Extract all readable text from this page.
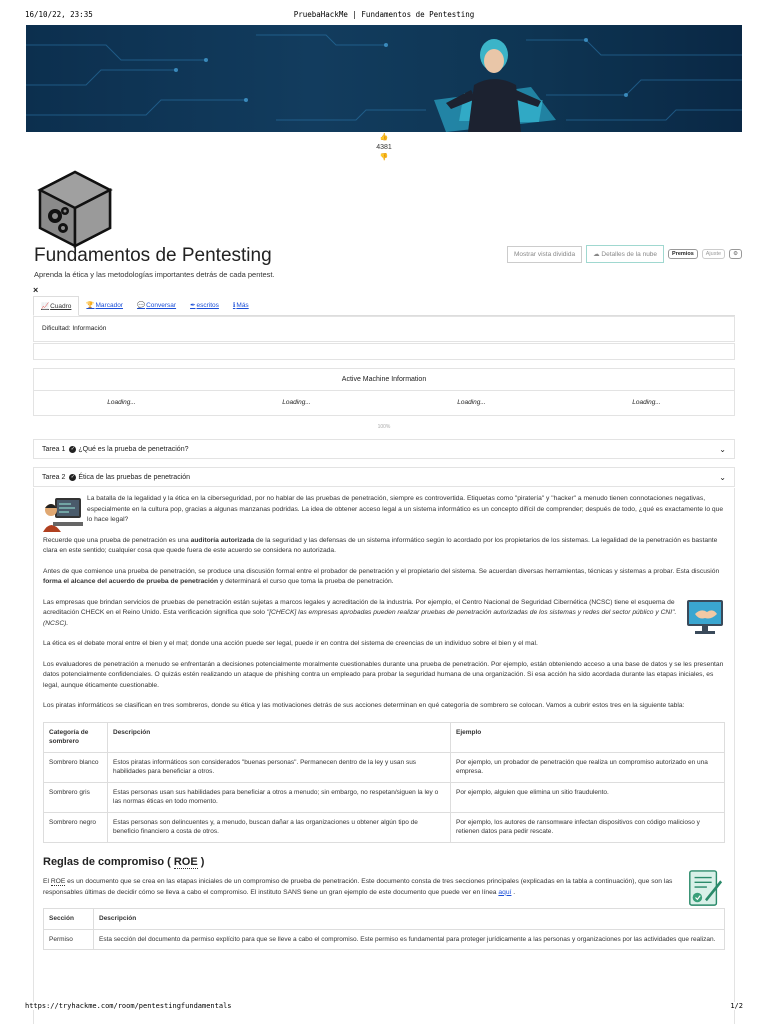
16/10/22, 23:35	PruebaHackMe | Fundamentos de Pentesting
👍
4381
👎
Fundamentos de Pentesting
Aprenda la ética y las metodologías importantes detrás de cada pentest.
Mostrar vista dividida	☁ Detalles de la nube	Premios	Ajuste	⚙
×
📈Cuadro	🏆Marcador	💬Conversar	✒escritos	ℹMás
Dificultad: Información
Active Machine Information
Loading...	Loading...	Loading...	Loading...
100%
Tarea 1 ✓ ¿Qué es la prueba de penetración?	⌄
Tarea 2 ✓ Ética de las pruebas de penetración	⌄

La batalla de la legalidad y la ética en la ciberseguridad, por no hablar de las pruebas de penetración, siempre es controvertida. Etiquetas como "piratería" y "hacker" a menudo tienen connotaciones negativas, especialmente en la cultura pop, gracias a algunas manzanas podridas. La idea de obtener acceso legal a un sistema informático es un concepto difícil de comprender; después de todo, ¿qué es exactamente lo que lo hace legal?

Recuerde que una prueba de penetración es una auditoría autorizada de la seguridad y las defensas de un sistema informático según lo acordado por los propietarios de los sistemas. La legalidad de la penetración es bastante clara en este sentido; cualquier cosa que quede fuera de este acuerdo se considera no autorizada.

Antes de que comience una prueba de penetración, se produce una discusión formal entre el probador de penetración y el propietario del sistema. Se acuerdan diversas herramientas, técnicas y sistemas a probar. Esta discusión forma el alcance del acuerdo de prueba de penetración y determinará el curso que toma la prueba de penetración.

Las empresas que brindan servicios de pruebas de penetración están sujetas a marcos legales y acreditación de la industria. Por ejemplo, el Centro Nacional de Seguridad Cibernética (NCSC) tiene el esquema de acreditación CHECK en el Reino Unido. Esta verificación significa que solo "[CHECK] las empresas aprobadas pueden realizar pruebas de penetración autorizadas de los sistemas y redes del sector público y CNI". (NCSC).

La ética es el debate moral entre el bien y el mal; donde una acción puede ser legal, puede ir en contra del sistema de creencias de un individuo sobre el bien y el mal.

Los evaluadores de penetración a menudo se enfrentarán a decisiones potencialmente moralmente cuestionables durante una prueba de penetración. Por ejemplo, están obteniendo acceso a una base de datos y se les presentan datos potencialmente confidenciales. O quizás estén realizando un ataque de phishing contra un empleado para probar la seguridad humana de una organización. Si esa acción ha sido acordada durante las etapas iniciales, es legal, aunque éticamente cuestionable.

Los piratas informáticos se clasifican en tres sombreros, donde su ética y las motivaciones detrás de sus acciones determinan en qué categoría de sombrero se colocan. Vamos a cubrir estos tres en la siguiente tabla:

Categoría de sombrero	Descripción	Ejemplo
Sombrero blanco	Estos piratas informáticos son considerados "buenas personas". Permanecen dentro de la ley y usan sus habilidades para beneficiar a otros.	Por ejemplo, un probador de penetración que realiza un compromiso autorizado en una empresa.
Sombrero gris	Estas personas usan sus habilidades para beneficiar a otros a menudo; sin embargo, no respetan/siguen la ley o las normas éticas en todo momento.	Por ejemplo, alguien que elimina un sitio fraudulento.
Sombrero negro	Estas personas son delincuentes y, a menudo, buscan dañar a las organizaciones u obtener algún tipo de beneficio financiero a costa de otros.	Por ejemplo, los autores de ransomware infectan dispositivos con código malicioso y retienen datos para pedir rescate.
Reglas de compromiso ( ROE )

El ROE es un documento que se crea en las etapas iniciales de un compromiso de prueba de penetración. Este documento consta de tres secciones principales (explicadas en la tabla a continuación), que son las responsables últimas de decidir cómo se lleva a cabo el compromiso. El instituto SANS tiene un gran ejemplo de este documento que puede ver en línea aquí .

Sección	Descripción
Permiso	Esta sección del documento da permiso explícito para que se lleve a cabo el compromiso. Este permiso es fundamental para proteger jurídicamente a las personas y organizaciones por las actividades que realizan.
https://tryhackme.com/room/pentestingfundamentals	1/2
